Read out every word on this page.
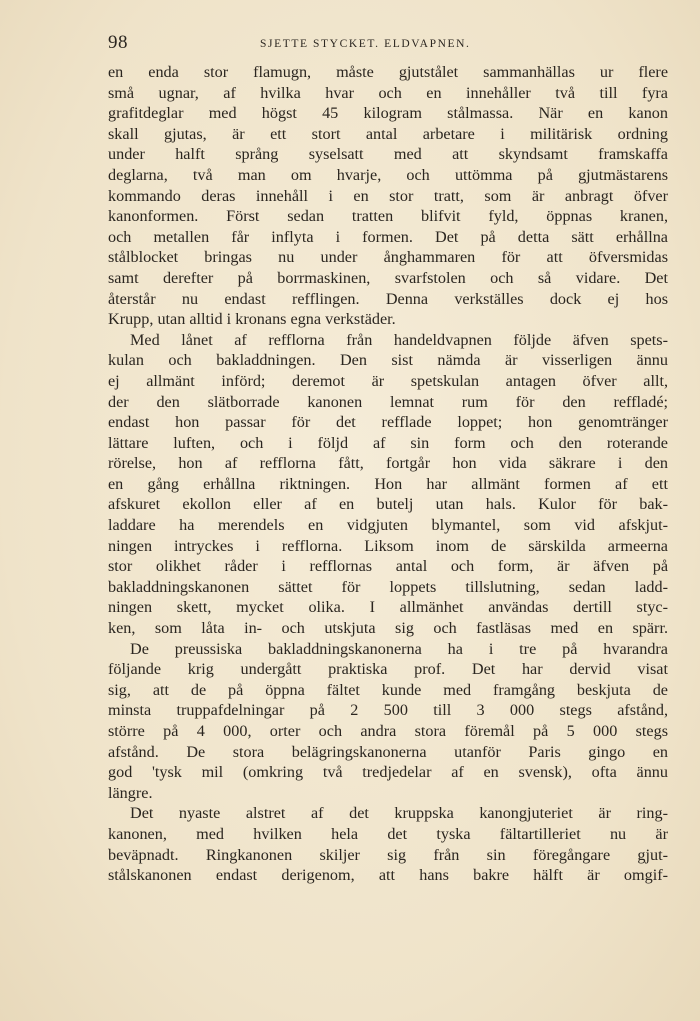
98	SJETTE STYCKET. ELDVAPNEN.
en enda stor flamugn, måste gjutstålet sammanhällas ur flere
små ugnar, af hvilka hvar och en innehåller två till fyra
grafitdeglar med högst 45 kilogram stålmassa. När en kanon
skall gjutas, är ett stort antal arbetare i militärisk ordning
under halft språng syselsatt med att skyndsamt framskaffa
deglarna, två man om hvarje, och uttömma på gjutmästarens
kommando deras innehåll i en stor tratt, som är anbragt öfver
kanonformen. Först sedan tratten blifvit fyld, öppnas kranen,
och metallen får inflyta i formen. Det på detta sätt erhållna
stålblocket bringas nu under ånghammaren för att öfversmidas
samt derefter på borrmaskinen, svarfstolen och så vidare. Det
återstår nu endast refflingen. Denna verkställes dock ej hos
Krupp, utan alltid i kronans egna verkstäder.
Med lånet af refflorna från handeldvapnen följde äfven spets-
kulan och bakladdningen. Den sist nämda är visserligen ännu
ej allmänt införd; deremot är spetskulan antagen öfver allt,
der den slätborrade kanonen lemnat rum för den reffladé;
endast hon passar för det refflade loppet; hon genomtränger
lättare luften, och i följd af sin form och den roterande
rörelse, hon af refflorna fått, fortgår hon vida säkrare i den
en gång erhållna riktningen. Hon har allmänt formen af ett
afskuret ekollon eller af en butelj utan hals. Kulor för bak-
laddare ha merendels en vidgjuten blymantel, som vid afskjut-
ningen intryckes i refflorna. Liksom inom de särskilda armeerna
stor olikhet råder i refflornas antal och form, är äfven på
bakladdningskanonen sättet för loppets tillslutning, sedan ladd-
ningen skett, mycket olika. I allmänhet användas dertill styc-
ken, som låta in- och utskjuta sig och fastläsas med en spärr.
De preussiska bakladdningskanonerna ha i tre på hvarandra
följande krig undergått praktiska prof. Det har dervid visat
sig, att de på öppna fältet kunde med framgång beskjuta de
minsta truppafdelningar på 2 500 till 3 000 stegs afstånd,
större på 4 000, orter och andra stora föremål på 5 000 stegs
afstånd. De stora belägringskanonerna utanför Paris gingo en
god 'tysk mil (omkring två tredjedelar af en svensk), ofta ännu
längre.
Det nyaste alstret af det kruppska kanongjuteriet är ring-
kanonen, med hvilken hela det tyska fältartilleriet nu är
beväpnadt. Ringkanonen skiljer sig från sin föregångare gjut-
stålskanonen endast derigenom, att hans bakre hälft är omgif-
